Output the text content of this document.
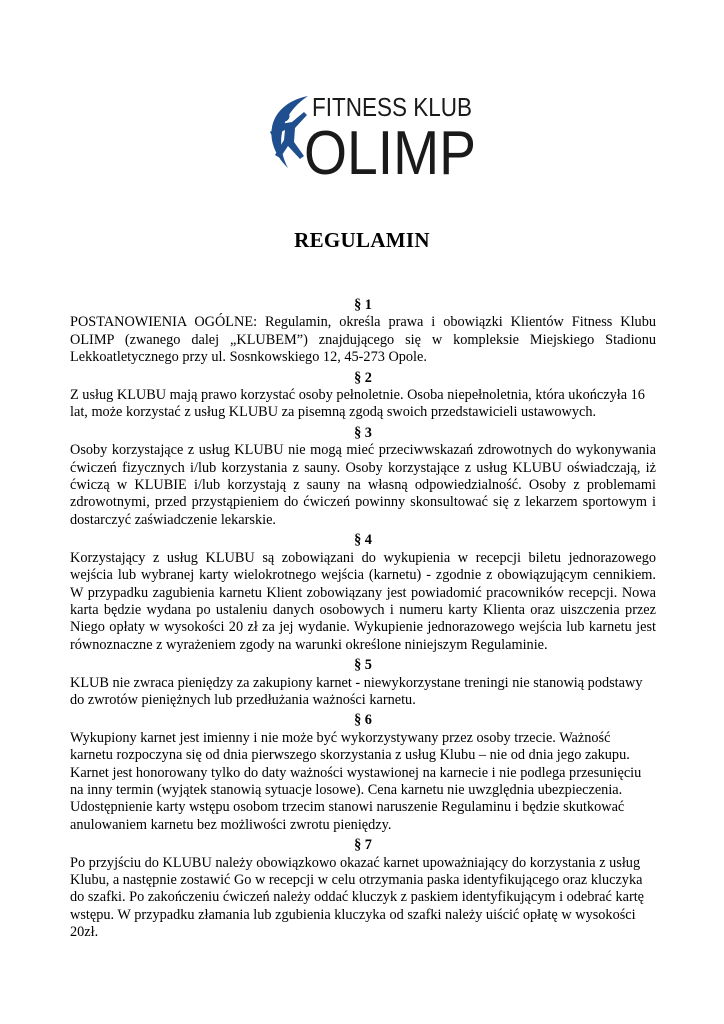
FITNESS KLUB
OLIMP
REGULAMIN

§ 1

POSTANOWIENIA OGÓLNE: Regulamin, określa prawa i obowiązki Klientów Fitness Klubu OLIMP (zwanego dalej „KLUBEM”) znajdującego się w kompleksie Miejskiego Stadionu Lekkoatletycznego przy ul. Sosnkowskiego 12, 45-273 Opole.

§ 2

Z usług KLUBU mają prawo korzystać osoby pełnoletnie. Osoba niepełnoletnia, która ukończyła 16 lat, może korzystać z usług KLUBU za pisemną zgodą swoich przedstawicieli ustawowych.

§ 3

Osoby korzystające z usług KLUBU nie mogą mieć przeciwwskazań zdrowotnych do wykonywania ćwiczeń fizycznych i/lub korzystania z sauny. Osoby korzystające z usług KLUBU oświadczają, iż ćwiczą w KLUBIE i/lub korzystają z sauny na własną odpowiedzialność. Osoby z problemami zdrowotnymi, przed przystąpieniem do ćwiczeń powinny skonsultować się z lekarzem sportowym i dostarczyć zaświadczenie lekarskie.

§ 4

Korzystający z usług KLUBU są zobowiązani do wykupienia w recepcji biletu jednorazowego wejścia lub wybranej karty wielokrotnego wejścia (karnetu) - zgodnie z obowiązującym cennikiem. W przypadku zagubienia karnetu Klient zobowiązany jest powiadomić pracowników recepcji. Nowa karta będzie wydana po ustaleniu danych osobowych i numeru karty Klienta oraz uiszczenia przez Niego opłaty w wysokości 20 zł za jej wydanie. Wykupienie jednorazowego wejścia lub karnetu jest równoznaczne z wyrażeniem zgody na warunki określone niniejszym Regulaminie.

§ 5

KLUB nie zwraca pieniędzy za zakupiony karnet - niewykorzystane treningi nie stanowią podstawy do zwrotów pieniężnych lub przedłużania ważności karnetu.

§ 6

Wykupiony karnet jest imienny i nie może być wykorzystywany przez osoby trzecie. Ważność karnetu rozpoczyna się od dnia pierwszego skorzystania z usług Klubu – nie od dnia jego zakupu. Karnet jest honorowany tylko do daty ważności wystawionej na karnecie i nie podlega przesunięciu na inny termin (wyjątek stanowią sytuacje losowe). Cena karnetu nie uwzględnia ubezpieczenia. Udostępnienie karty wstępu osobom trzecim stanowi naruszenie Regulaminu i będzie skutkować anulowaniem karnetu bez możliwości zwrotu pieniędzy.

§ 7

Po przyjściu do KLUBU należy obowiązkowo okazać karnet upoważniający do korzystania z usług Klubu, a następnie zostawić Go w recepcji w celu otrzymania paska identyfikującego oraz kluczyka do szafki. Po zakończeniu ćwiczeń należy oddać kluczyk z paskiem identyfikującym i odebrać kartę wstępu. W przypadku złamania lub zgubienia kluczyka od szafki należy uiścić opłatę w wysokości 20zł.
